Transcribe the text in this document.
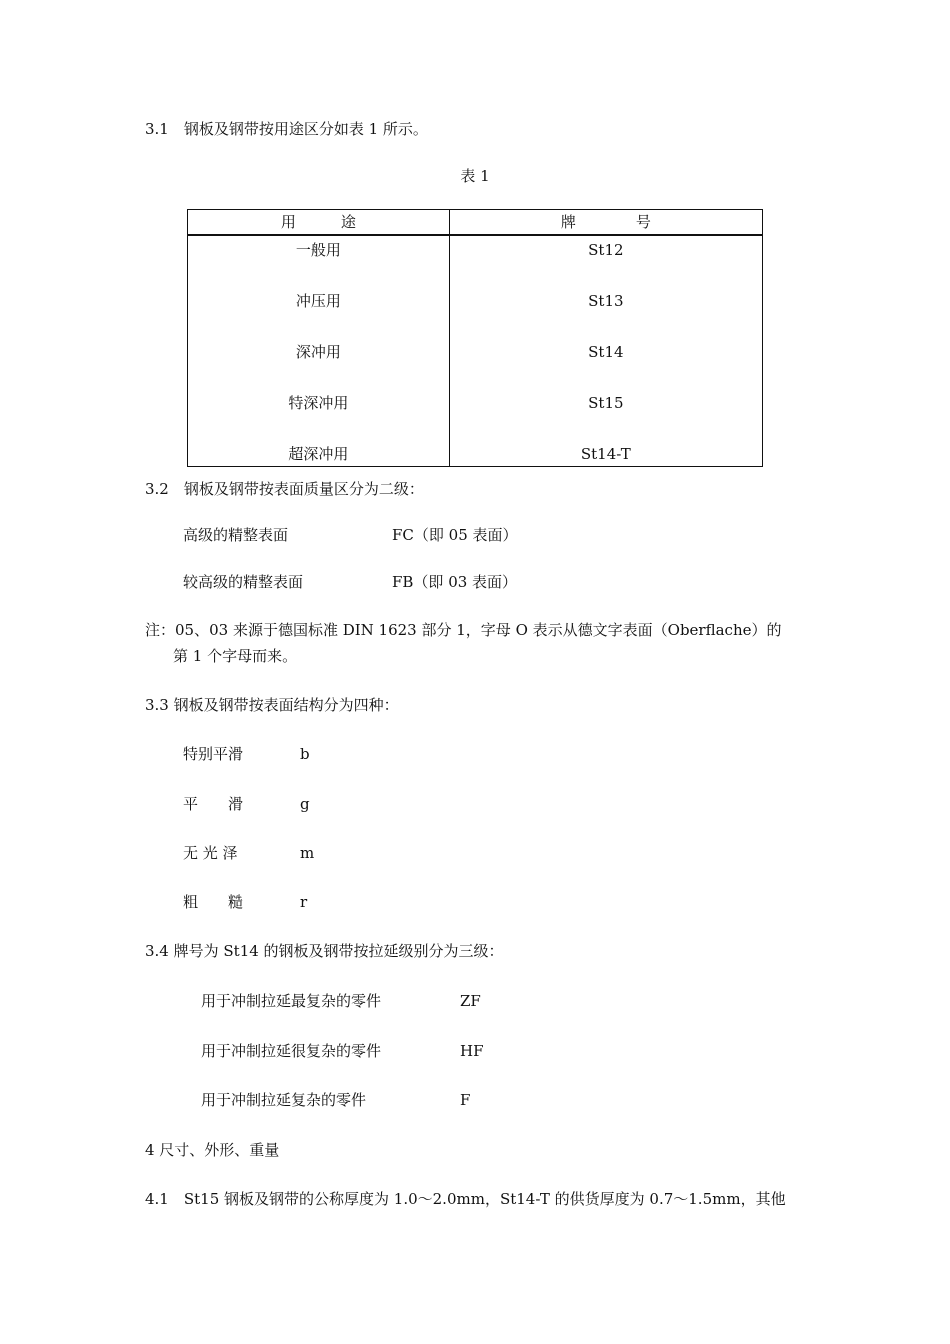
3.1　钢板及钢带按用途区分如表 1 所示。
表 1
用　　　途	牌　　　　号
一般用	St12
冲压用	St13
深冲用	St14
特深冲用	St15
超深冲用	St14-T
3.2　钢板及钢带按表面质量区分为二级：
高级的精整表面	FC（即 05 表面）
较高级的精整表面	FB（即 03 表面）
注：05、03 来源于德国标准 DIN 1623 部分 1，字母 O 表示从德文字表面（Oberflache）的
第 1 个字母而来。
3.3 钢板及钢带按表面结构分为四种：
特别平滑	b
平　　滑	g
无 光 泽	m
粗　　糙	r
3.4 牌号为 St14 的钢板及钢带按拉延级别分为三级：
用于冲制拉延最复杂的零件	ZF
用于冲制拉延很复杂的零件	HF
用于冲制拉延复杂的零件	F
4 尺寸、外形、重量
4.1　St15 钢板及钢带的公称厚度为 1.0～2.0mm，St14-T 的供货厚度为 0.7～1.5mm，其他
